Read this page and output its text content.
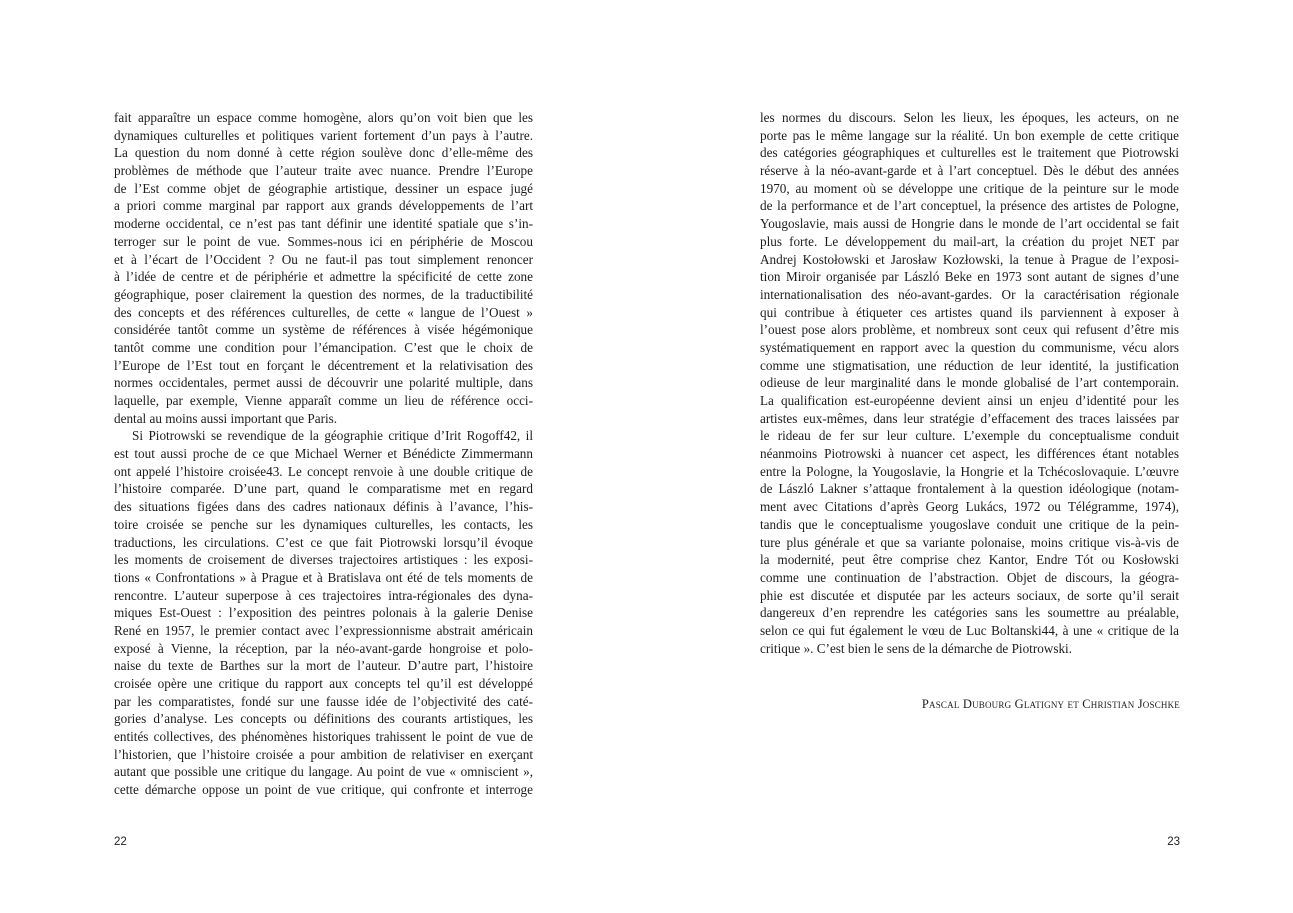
fait apparaître un espace comme homogène, alors qu’on voit bien que les
dynamiques culturelles et politiques varient fortement d’un pays à l’autre.
La question du nom donné à cette région soulève donc d’elle-même des
problèmes de méthode que l’auteur traite avec nuance. Prendre l’Europe
de l’Est comme objet de géographie artistique, dessiner un espace jugé
a priori comme marginal par rapport aux grands développements de l’art
moderne occidental, ce n’est pas tant définir une identité spatiale que s’in-
terroger sur le point de vue. Sommes-nous ici en périphérie de Moscou
et à l’écart de l’Occident ? Ou ne faut-il pas tout simplement renoncer
à l’idée de centre et de périphérie et admettre la spécificité de cette zone
géographique, poser clairement la question des normes, de la traductibilité
des concepts et des références culturelles, de cette « langue de l’Ouest »
considérée tantôt comme un système de références à visée hégémonique
tantôt comme une condition pour l’émancipation. C’est que le choix de
l’Europe de l’Est tout en forçant le décentrement et la relativisation des
normes occidentales, permet aussi de découvrir une polarité multiple, dans
laquelle, par exemple, Vienne apparaît comme un lieu de référence occi-
dental au moins aussi important que Paris.
Si Piotrowski se revendique de la géographie critique d’Irit Rogoff42, il
est tout aussi proche de ce que Michael Werner et Bénédicte Zimmermann
ont appelé l’histoire croisée43. Le concept renvoie à une double critique de
l’histoire comparée. D’une part, quand le comparatisme met en regard
des situations figées dans des cadres nationaux définis à l’avance, l’his-
toire croisée se penche sur les dynamiques culturelles, les contacts, les
traductions, les circulations. C’est ce que fait Piotrowski lorsqu’il évoque
les moments de croisement de diverses trajectoires artistiques : les exposi-
tions « Confrontations » à Prague et à Bratislava ont été de tels moments de
rencontre. L’auteur superpose à ces trajectoires intra-régionales des dyna-
miques Est-Ouest : l’exposition des peintres polonais à la galerie Denise
René en 1957, le premier contact avec l’expressionnisme abstrait américain
exposé à Vienne, la réception, par la néo-avant-garde hongroise et polo-
naise du texte de Barthes sur la mort de l’auteur. D’autre part, l’histoire
croisée opère une critique du rapport aux concepts tel qu’il est développé
par les comparatistes, fondé sur une fausse idée de l’objectivité des caté-
gories d’analyse. Les concepts ou définitions des courants artistiques, les
entités collectives, des phénomènes historiques trahissent le point de vue de
l’historien, que l’histoire croisée a pour ambition de relativiser en exerçant
autant que possible une critique du langage. Au point de vue « omniscient »,
cette démarche oppose un point de vue critique, qui confronte et interroge
22
les normes du discours. Selon les lieux, les époques, les acteurs, on ne
porte pas le même langage sur la réalité. Un bon exemple de cette critique
des catégories géographiques et culturelles est le traitement que Piotrowski
réserve à la néo-avant-garde et à l’art conceptuel. Dès le début des années
1970, au moment où se développe une critique de la peinture sur le mode
de la performance et de l’art conceptuel, la présence des artistes de Pologne,
Yougoslavie, mais aussi de Hongrie dans le monde de l’art occidental se fait
plus forte. Le développement du mail-art, la création du projet NET par
Andrej Kostołowski et Jarosław Kozłowski, la tenue à Prague de l’exposi-
tion Miroir organisée par László Beke en 1973 sont autant de signes d’une
internationalisation des néo-avant-gardes. Or la caractérisation régionale
qui contribue à étiqueter ces artistes quand ils parviennent à exposer à
l’ouest pose alors problème, et nombreux sont ceux qui refusent d’être mis
systématiquement en rapport avec la question du communisme, vécu alors
comme une stigmatisation, une réduction de leur identité, la justification
odieuse de leur marginalité dans le monde globalisé de l’art contemporain.
La qualification est-européenne devient ainsi un enjeu d’identité pour les
artistes eux-mêmes, dans leur stratégie d’effacement des traces laissées par
le rideau de fer sur leur culture. L’exemple du conceptualisme conduit
néanmoins Piotrowski à nuancer cet aspect, les différences étant notables
entre la Pologne, la Yougoslavie, la Hongrie et la Tchécoslovaquie. L’œuvre
de László Lakner s’attaque frontalement à la question idéologique (notam-
ment avec Citations d’après Georg Lukács, 1972 ou Télégramme, 1974),
tandis que le conceptualisme yougoslave conduit une critique de la pein-
ture plus générale et que sa variante polonaise, moins critique vis-à-vis de
la modernité, peut être comprise chez Kantor, Endre Tót ou Kosłowski
comme une continuation de l’abstraction. Objet de discours, la géogra-
phie est discutée et disputée par les acteurs sociaux, de sorte qu’il serait
dangereux d’en reprendre les catégories sans les soumettre au préalable,
selon ce qui fut également le vœu de Luc Boltanski44, à une « critique de la
critique ». C’est bien le sens de la démarche de Piotrowski.
Pascal Dubourg Glatigny et Christian Joschke
23
